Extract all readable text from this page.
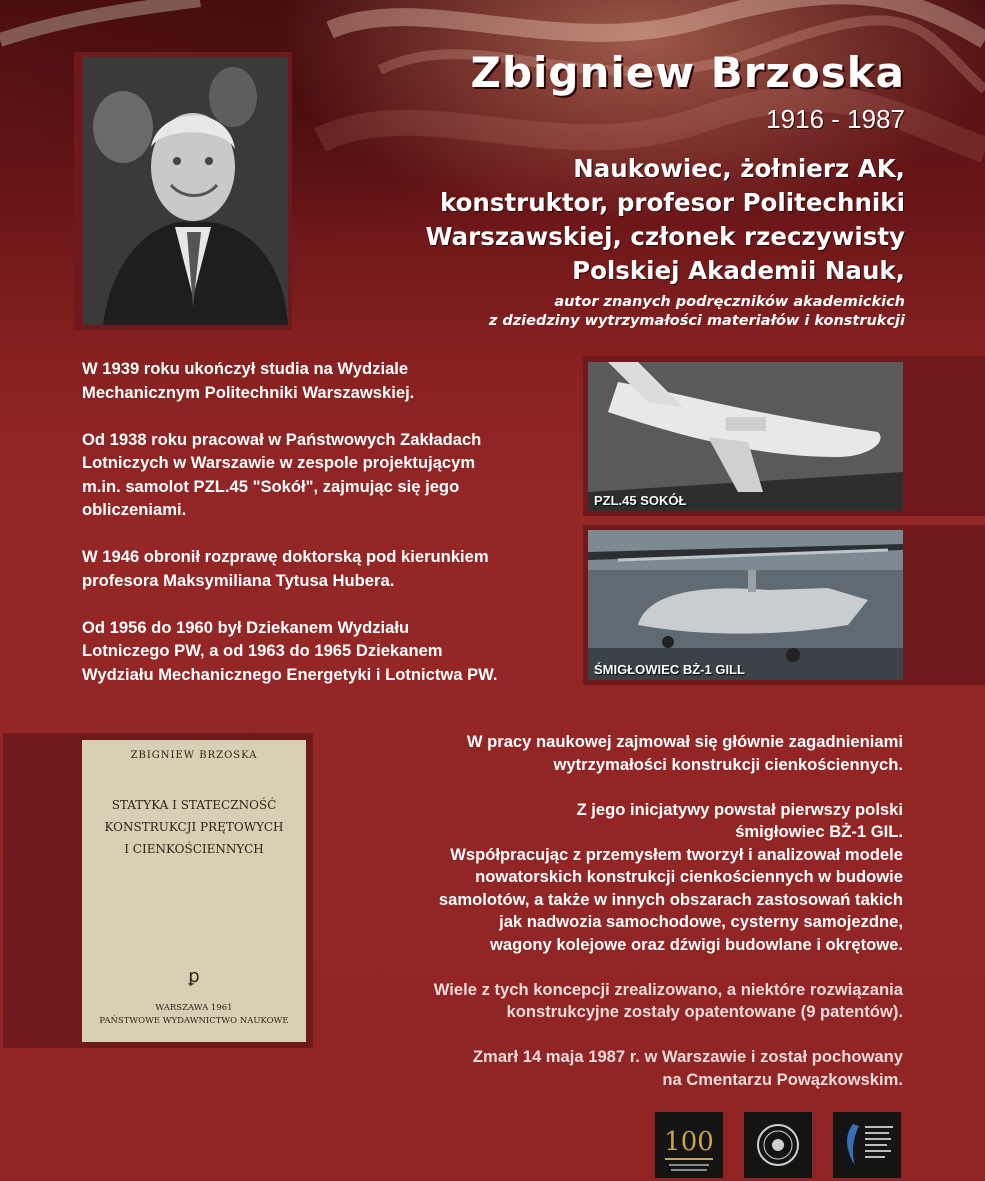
Zbigniew Brzoska
1916 - 1987
Naukowiec, żołnierz AK,
konstruktor, profesor Politechniki
Warszawskiej, członek rzeczywisty
Polskiej Akademii Nauk,
autor znanych podręczników akademickich
z dziedziny wytrzymałości materiałów i konstrukcji

W 1939 roku ukończył studia na Wydziale
Mechanicznym Politechniki Warszawskiej.

Od 1938 roku pracował w Państwowych Zakładach
Lotniczych w Warszawie w zespole projektującym
m.in. samolot PZL.45 "Sokół", zajmując się jego
obliczeniami.

W 1946 obronił rozprawę doktorską pod kierunkiem
profesora Maksymiliana Tytusa Hubera.

Od 1956 do 1960 był Dziekanem Wydziału
Lotniczego PW, a od 1963 do 1965 Dziekanem
Wydziału Mechanicznego Energetyki i Lotnictwa PW.

PZL.45 SOKÓŁ
ŚMIGŁOWIEC BŻ-1 GILL
ZBIGNIEW BRZOSKA
STATYKA I STATECZNOŚĆ
KONSTRUKCJI PRĘTOWYCH
I CIENKOŚCIENNYCH
ꝑ
WARSZAWA 1961
PAŃSTWOWE WYDAWNICTWO NAUKOWE

W pracy naukowej zajmował się głównie zagadnieniami
wytrzymałości konstrukcji cienkościennych.

Z jego inicjatywy powstał pierwszy polski
śmigłowiec BŻ-1 GIL.
Współpracując z przemysłem tworzył i analizował modele
nowatorskich konstrukcji cienkościennych w budowie
samolotów, a także w innych obszarach zastosowań takich
jak nadwozia samochodowe, cysterny samojezdne,
wagony kolejowe oraz dźwigi budowlane i okrętowe.

Wiele z tych koncepcji zrealizowano, a niektóre rozwiązania
konstrukcyjne zostały opatentowane (9 patentów).

Zmarł 14 maja 1987 r. w Warszawie i został pochowany
na Cmentarzu Powązkowskim.

100
